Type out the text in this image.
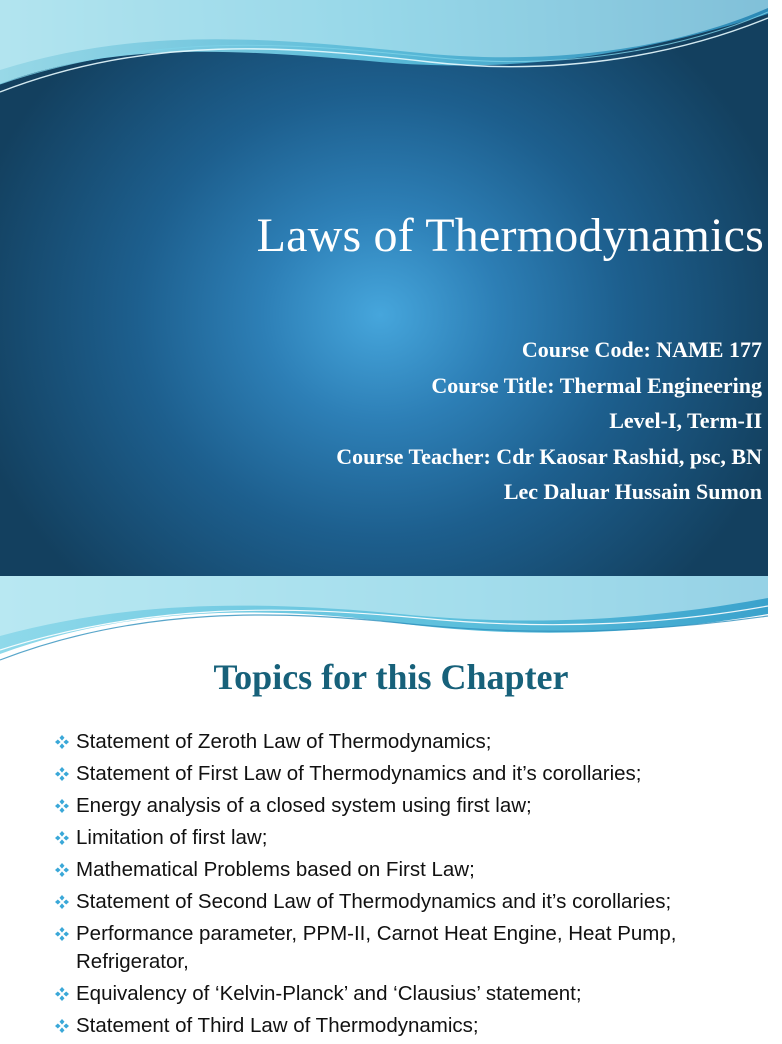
Laws of Thermodynamics
Course Code: NAME 177
Course Title: Thermal Engineering
Level-I, Term-II
Course Teacher: Cdr Kaosar Rashid, psc, BN
Lec Daluar Hussain Sumon
Topics for this Chapter
Statement of Zeroth Law of Thermodynamics;
Statement of First Law of Thermodynamics and it’s corollaries;
Energy analysis of a closed system using first law;
Limitation of first law;
Mathematical Problems based on First Law;
Statement of Second Law of Thermodynamics and it’s corollaries;
Performance parameter, PPM-II, Carnot Heat Engine, Heat Pump, Refrigerator,
Equivalency of ‘Kelvin-Planck’ and ‘Clausius’ statement;
Statement of Third Law of Thermodynamics;
